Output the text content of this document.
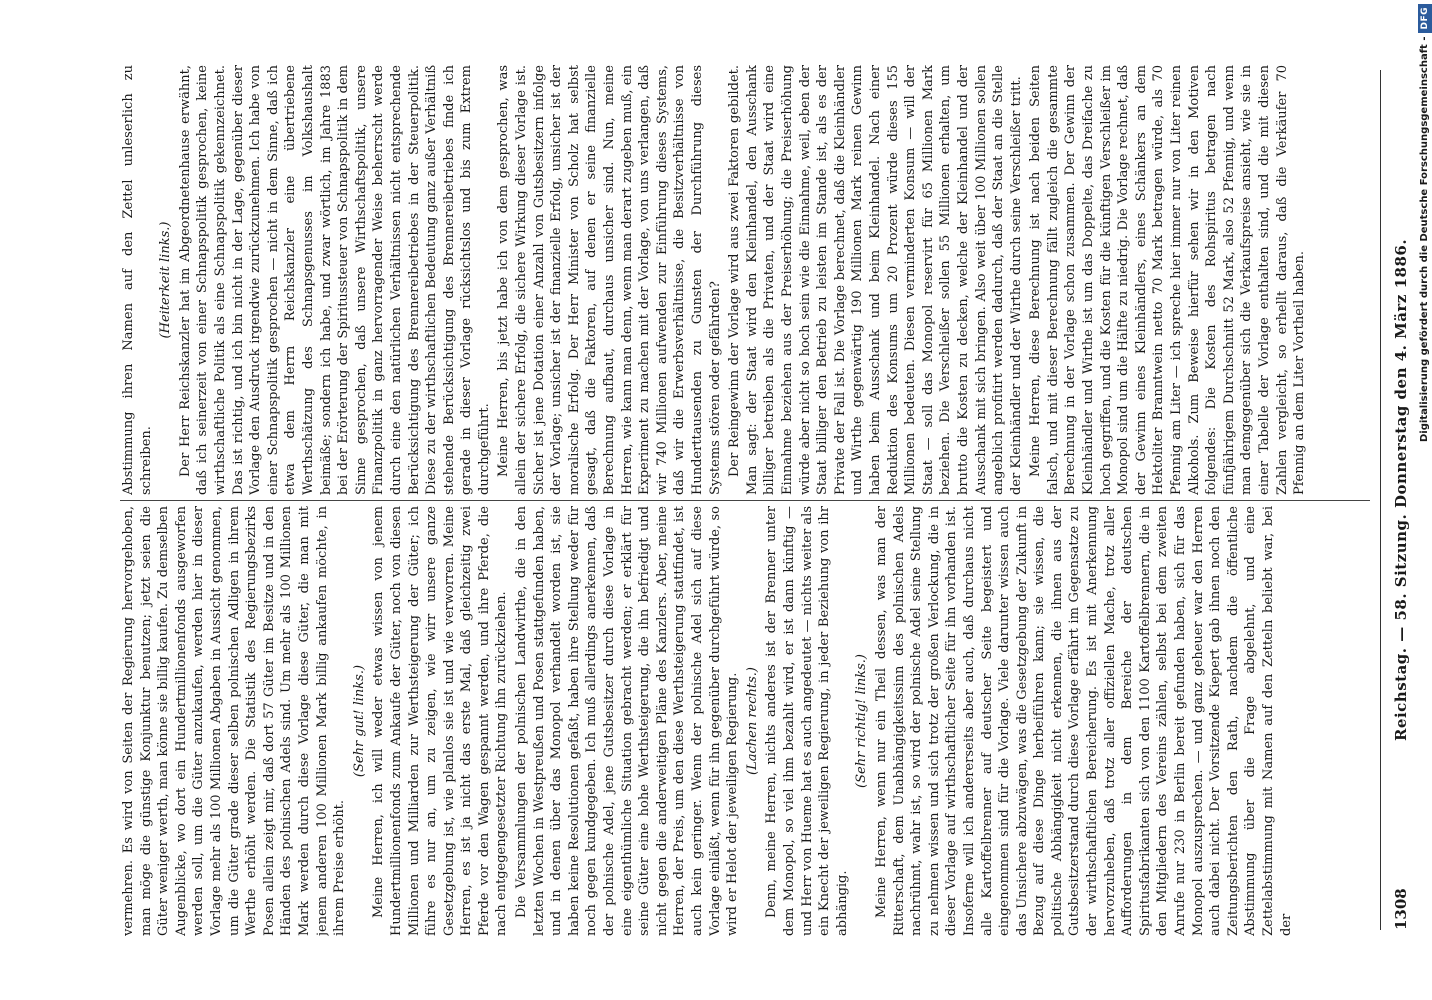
1308
Reichstag. — 58. Sitzung. Donnerstag den 4. März 1886.

vermehren. Es wird von Seiten der Regierung hervorgehoben, man möge die günstige Konjunktur benutzen; jetzt seien die Güter weniger werth, man könne sie billig kaufen. Zu demselben Augenblicke, wo dort ein Hundertmillionenfonds ausgeworfen werden soll, um die Güter anzukaufen, werden hier in dieser Vorlage mehr als 100 Millionen Abgaben in Aussicht genommen, um die Güter grade dieser selben polnischen Adligen in ihrem Werthe erhöht werden. Die Statistik des Regierungsbezirks Posen allein zeigt mir, daß dort 57 Güter im Besitze und in den Händen des polnischen Adels sind. Um mehr als 100 Millionen Mark werden durch diese Vorlage diese Güter, die man mit jenem anderen 100 Millionen Mark billig ankaufen möchte, in ihrem Preise erhöht.

(Sehr gut! links.) Meine Herren, ich will weder etwas wissen von jenem Hundertmillionenfonds zum Ankaufe der Güter, noch von diesen Millionen und Milliarden zur Werthsteigerung der Güter; ich führe es nur an, um zu zeigen, wie wirr unsere ganze Gesetzgebung ist, wie planlos sie ist und wie verworren. Meine Herren, es ist ja nicht das erste Mal, daß gleichzeitig zwei Pferde vor den Wagen gespannt werden, und ihre Pferde, die nach entgegengesetzter Richtung ihn zurückziehen. Die Versammlungen der polnischen Landwirthe, die in den letzten Wochen in Westpreußen und Posen stattgefunden haben, und in denen über das Monopol verhandelt worden ist, sie haben keine Resolutionen gefaßt, haben ihre Stellung weder für noch gegen kundgegeben. Ich muß allerdings anerkennen, daß der polnische Adel, jene Gutsbesitzer durch diese Vorlage in eine eigenthümliche Situation gebracht werden; er erklärt für seine Güter eine hohe Werthsteigerung, die ihn befriedigt und nicht gegen die anderweitigen Pläne des Kanzlers. Aber, meine Herren, der Preis, um den diese Werthsteigerung stattfindet, ist auch kein geringer. Wenn der polnische Adel sich auf diese Vorlage einläßt, wenn für ihn gegenüber durchgeführt würde, so wird er Helot der jeweiligen Regierung. (Lachen rechts.) Denn, meine Herren, nichts anderes ist der Brenner unter dem Monopol, so viel ihm bezahlt wird, er ist dann künftig — und Herr von Hueme hat es auch angedeutet — nichts weiter als ein Knecht der jeweiligen Regierung, in jeder Beziehung von ihr abhängig.

(Sehr richtig! links.) Meine Herren, wenn nur ein Theil dessen, was man der Ritterschaft, dem Unabhängigkeitssinn des polnischen Adels nachrühmt, wahr ist, so wird der polnische Adel seine Stellung zu nehmen wissen und sich trotz der großen Verlockung, die in dieser Vorlage auf wirthschaftlicher Seite für ihn vorhanden ist. Insoferne will ich andererseits aber auch, daß durchaus nicht alle Kartoffelbrenner auf deutscher Seite begeistert und eingenommen sind für die Vorlage. Viele darunter wissen auch das Unsichere abzuwägen, was die Gesetzgebung der Zukunft in Bezug auf diese Dinge herbeiführen kann; sie wissen, die politische Abhängigkeit nicht erkennen, die ihnen aus der Gutsbesitzerstand durch diese Vorlage erfährt im Gegensatze zu der wirthschaftlichen Bereicherung. Es ist mit Anerkennung hervorzuheben, daß trotz aller offiziellen Mache, trotz aller Aufforderungen in dem Bereiche der deutschen Spiritusfabrikanten sich von den 1100 Kartoffelbrennern, die in den Mitgliedern des Vereins zählen, selbst bei dem zweiten Anrufe nur 230 in Berlin bereit gefunden haben, sich für das Monopol auszusprechen. — und ganz geheuer war den Herren auch dabei nicht. Der Vorsitzende Kiepert gab ihnen noch den Zeitungsberichten den Rath, nachdem die öffentliche Abstimmung über die Frage abgelehnt, und eine Zettelabstimmung mit Namen auf den Zetteln beliebt war, bei der

Abstimmung ihren Namen auf den Zettel unleserlich zu schreiben.

(Heiterkeit links.) Der Herr Reichskanzler hat im Abgeordnetenhause erwähnt, daß ich seinerzeit von einer Schnapspolitik gesprochen, keine wirthschaftliche Politik als eine Schnapspolitik gekennzeichnet. Das ist richtig, und ich bin nicht in der Lage, gegenüber dieser Vorlage den Ausdruck irgendwie zurückzunehmen. Ich habe von einer Schnapspolitik gesprochen — nicht in dem Sinne, daß ich etwa dem Herrn Reichskanzler eine übertriebene Werthschätzung des Schnapsgenusses im Volkshaushalt beimäße; sondern ich habe, und zwar wörtlich, im Jahre 1883 bei der Erörterung der Spiritussteuer von Schnapspolitik in dem Sinne gesprochen, daß unsere Wirthschaftspolitik, unsere Finanzpolitik in ganz hervorragender Weise beherrscht werde durch eine den natürlichen Verhältnissen nicht entsprechende Berücksichtigung des Brennereibetriebes in der Steuerpolitik. Diese zu der wirthschaftlichen Bedeutung ganz außer Verhältniß stehende Berücksichtigung des Brennereibetriebes finde ich gerade in dieser Vorlage rücksichtslos und bis zum Extrem durchgeführt. Meine Herren, bis jetzt habe ich von dem gesprochen, was allein der sichere Erfolg, die sichere Wirkung dieser Vorlage ist. Sicher ist jene Dotation einer Anzahl von Gutsbesitzern infolge der Vorlage; unsicher ist der finanzielle Erfolg, unsicher ist der moralische Erfolg. Der Herr Minister von Scholz hat selbst gesagt, daß die Faktoren, auf denen er seine finanzielle Berechnung aufbaut, durchaus unsicher sind. Nun, meine Herren, wie kann man denn, wenn man derart zugeben muß, ein Experiment zu machen mit der Vorlage, von uns verlangen, daß wir 740 Millionen aufwenden zur Einführung dieses Systems, daß wir die Erwerbsverhältnisse, die Besitzverhältnisse von Hunderttausenden zu Gunsten der Durchführung dieses Systems stören oder gefährden? Der Reingewinn der Vorlage wird aus zwei Faktoren gebildet. Man sagt: der Staat wird den Kleinhandel, den Ausschank billiger betreiben als die Privaten, und der Staat wird eine Einnahme beziehen aus der Preiserhöhung; die Preiserhöhung würde aber nicht so hoch sein wie die Einnahme, weil, eben der Staat billiger den Betrieb zu leisten im Stande ist, als es der Private der Fall ist. Die Vorlage berechnet, daß die Kleinhändler und Wirthe gegenwärtig 190 Millionen Mark reinen Gewinn haben beim Ausschank und beim Kleinhandel. Nach einer Reduktion des Konsums um 20 Prozent würde dieses 155 Millionen bedeuten. Diesen verminderten Konsum — will der Staat — soll das Monopol reservirt für 65 Millionen Mark beziehen. Die Verschleißer sollen 55 Millionen erhalten, um brutto die Kosten zu decken, welche der Kleinhandel und der Ausschank mit sich bringen. Also weit über 100 Millionen sollen angeblich profitirt werden dadurch, daß der Staat an die Stelle der Kleinhändler und der Wirthe durch seine Verschleißer tritt. Meine Herren, diese Berechnung ist nach beiden Seiten falsch, und mit dieser Berechnung fällt zugleich die gesammte Berechnung in der Vorlage schon zusammen. Der Gewinn der Kleinhändler und Wirthe ist um das Doppelte, das Dreifache zu hoch gegriffen, und die Kosten für die künftigen Verschleißer im Monopol sind um die Hälfte zu niedrig. Die Vorlage rechnet, daß der Gewinn eines Kleinhändlers, eines Schänkers an dem Hektoliter Branntwein netto 70 Mark betragen würde, als 70 Pfennig am Liter — ich spreche hier immer nur von Liter reinen Alkohols. Zum Beweise hierfür sehen wir in den Motiven folgendes: Die Kosten des Rohspiritus betragen nach fünfjährigem Durchschnitt 52 Mark, also 52 Pfennig, und wenn man demgegenüber sich die Verkaufspreise ansieht, wie sie in einer Tabelle der Vorlage enthalten sind, und die mit diesen Zahlen vergleicht, so erhellt daraus, daß die Verkäufer 70 Pfennig an dem Liter Vortheil haben.	Digitalisierung gefördert durch die Deutsche Forschungsgemeinschaft -DFG
